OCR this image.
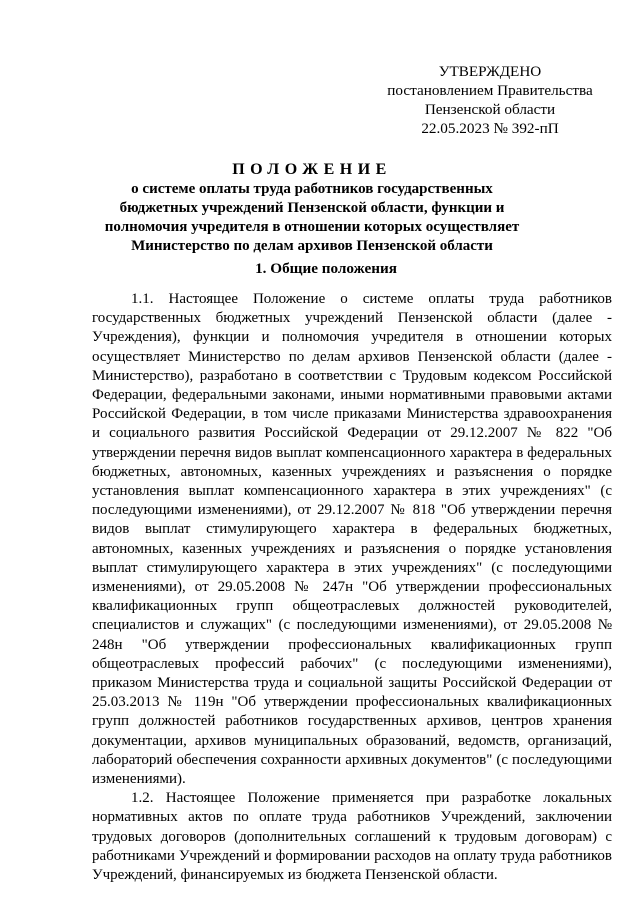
УТВЕРЖДЕНО
постановлением Правительства
Пензенской области
22.05.2023 № 392-пП
ПОЛОЖЕНИЕ
о системе оплаты труда работников государственных бюджетных учреждений Пензенской области, функции и полномочия учредителя в отношении которых осуществляет Министерство по делам архивов Пензенской области
1. Общие положения

1.1. Настоящее Положение о системе оплаты труда работников государственных бюджетных учреждений Пензенской области (далее - Учреждения), функции и полномочия учредителя в отношении которых осуществляет Министерство по делам архивов Пензенской области (далее - Министерство), разработано в соответствии с Трудовым кодексом Российской Федерации, федеральными законами, иными нормативными правовыми актами Российской Федерации, в том числе приказами Министерства здравоохранения и социального развития Российской Федерации от 29.12.2007 № 822 "Об утверждении перечня видов выплат компенсационного характера в федеральных бюджетных, автономных, казенных учреждениях и разъяснения о порядке установления выплат компенсационного характера в этих учреждениях" (с последующими изменениями), от 29.12.2007 № 818 "Об утверждении перечня видов выплат стимулирующего характера в федеральных бюджетных, автономных, казенных учреждениях и разъяснения о порядке установления выплат стимулирующего характера в этих учреждениях" (с последующими изменениями), от 29.05.2008 № 247н "Об утверждении профессиональных квалификационных групп общеотраслевых должностей руководителей, специалистов и служащих" (с последующими изменениями), от 29.05.2008 № 248н "Об утверждении профессиональных квалификационных групп общеотраслевых профессий рабочих" (с последующими изменениями), приказом Министерства труда и социальной защиты Российской Федерации от 25.03.2013 № 119н "Об утверждении профессиональных квалификационных групп должностей работников государственных архивов, центров хранения документации, архивов муниципальных образований, ведомств, организаций, лабораторий обеспечения сохранности архивных документов" (с последующими изменениями).

1.2. Настоящее Положение применяется при разработке локальных нормативных актов по оплате труда работников Учреждений, заключении трудовых договоров (дополнительных соглашений к трудовым договорам) с работниками Учреждений и формировании расходов на оплату труда работников Учреждений, финансируемых из бюджета Пензенской области.
